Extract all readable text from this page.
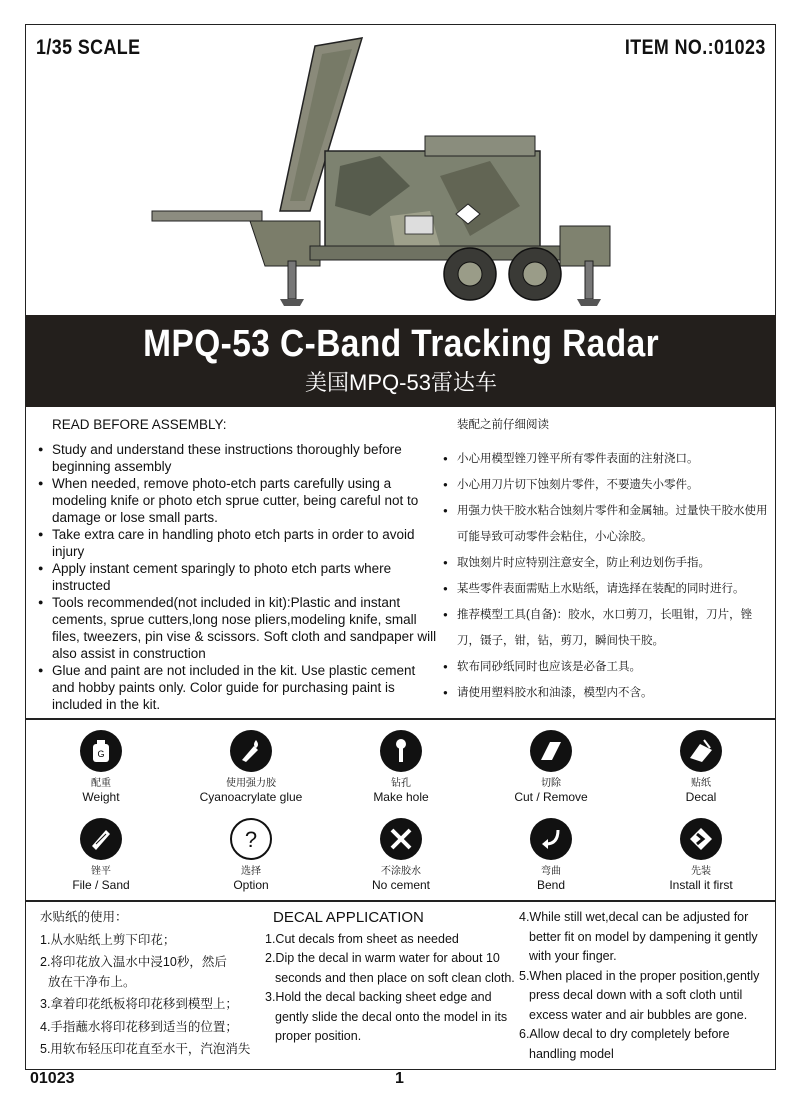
1/35 SCALE	ITEM NO.:01023
MPQ-53 C-Band Tracking Radar
美国MPQ-53雷达车
READ BEFORE ASSEMBLY:
● Study and understand these instructions thoroughly before beginning assembly
● When needed, remove photo-etch parts carefully using a modeling knife or photo etch sprue cutter, being careful not to damage or lose small parts.
● Take extra care in handling photo etch parts in order to avoid injury
● Apply instant cement sparingly to photo etch parts where instructed
● Tools recommended(not included in kit):Plastic and instant cements, sprue cutters,long nose pliers,modeling knife, small files, tweezers, pin vise & scissors. Soft cloth and sandpaper will also assist in construction
● Glue and paint are not included in the kit. Use plastic cement and hobby paints only. Color guide for purchasing paint is included in the kit.
装配之前仔细阅读
● 小心用模型锉刀锉平所有零件表面的注射浇口。
● 小心用刀片切下蚀刻片零件，不要遗失小零件。
● 用强力快干胶水粘合蚀刻片零件和金属轴。过量快干胶水使用可能导致可动零件会粘住，小心涂胶。
● 取蚀刻片时应特别注意安全，防止利边划伤手指。
● 某些零件表面需贴上水贴纸，请选择在装配的同时进行。
● 推荐模型工具(自备)：胶水，水口剪刀，长咀钳，刀片，锉刀，镊子，钳，钻，剪刀，瞬间快干胶。
● 软布同砂纸同时也应该是必备工具。
● 请使用塑料胶水和油漆，模型内不含。
G
配重
Weight
使用强力胶
Cyanoacrylate glue
钻孔
Make hole
切除
Cut / Remove
贴纸
Decal
锉平
File / Sand
?
选择
Option
不涂胶水
No cement
弯曲
Bend
先装
Install it first
水贴纸的使用：
1.从水贴纸上剪下印花；
2.将印花放入温水中浸10秒，然后
放在干净布上。
3.拿着印花纸板将印花移到模型上；
4.手指蘸水将印花移到适当的位置；
5.用软布轻压印花直至水干，汽泡消失
DECAL APPLICATION
1.Cut decals from sheet as needed
2.Dip the decal in warm water for about 10
seconds and then place on soft clean cloth.
3.Hold the decal backing sheet edge and
gently slide the decal onto the model in its
proper position.
4.While still wet,decal can be adjusted for
better fit on model by dampening it gently
with your finger.
5.When placed in the proper position,gently
press decal down with a soft cloth until
excess water and air bubbles are gone.
6.Allow decal to dry completely before
handling model
01023	1
